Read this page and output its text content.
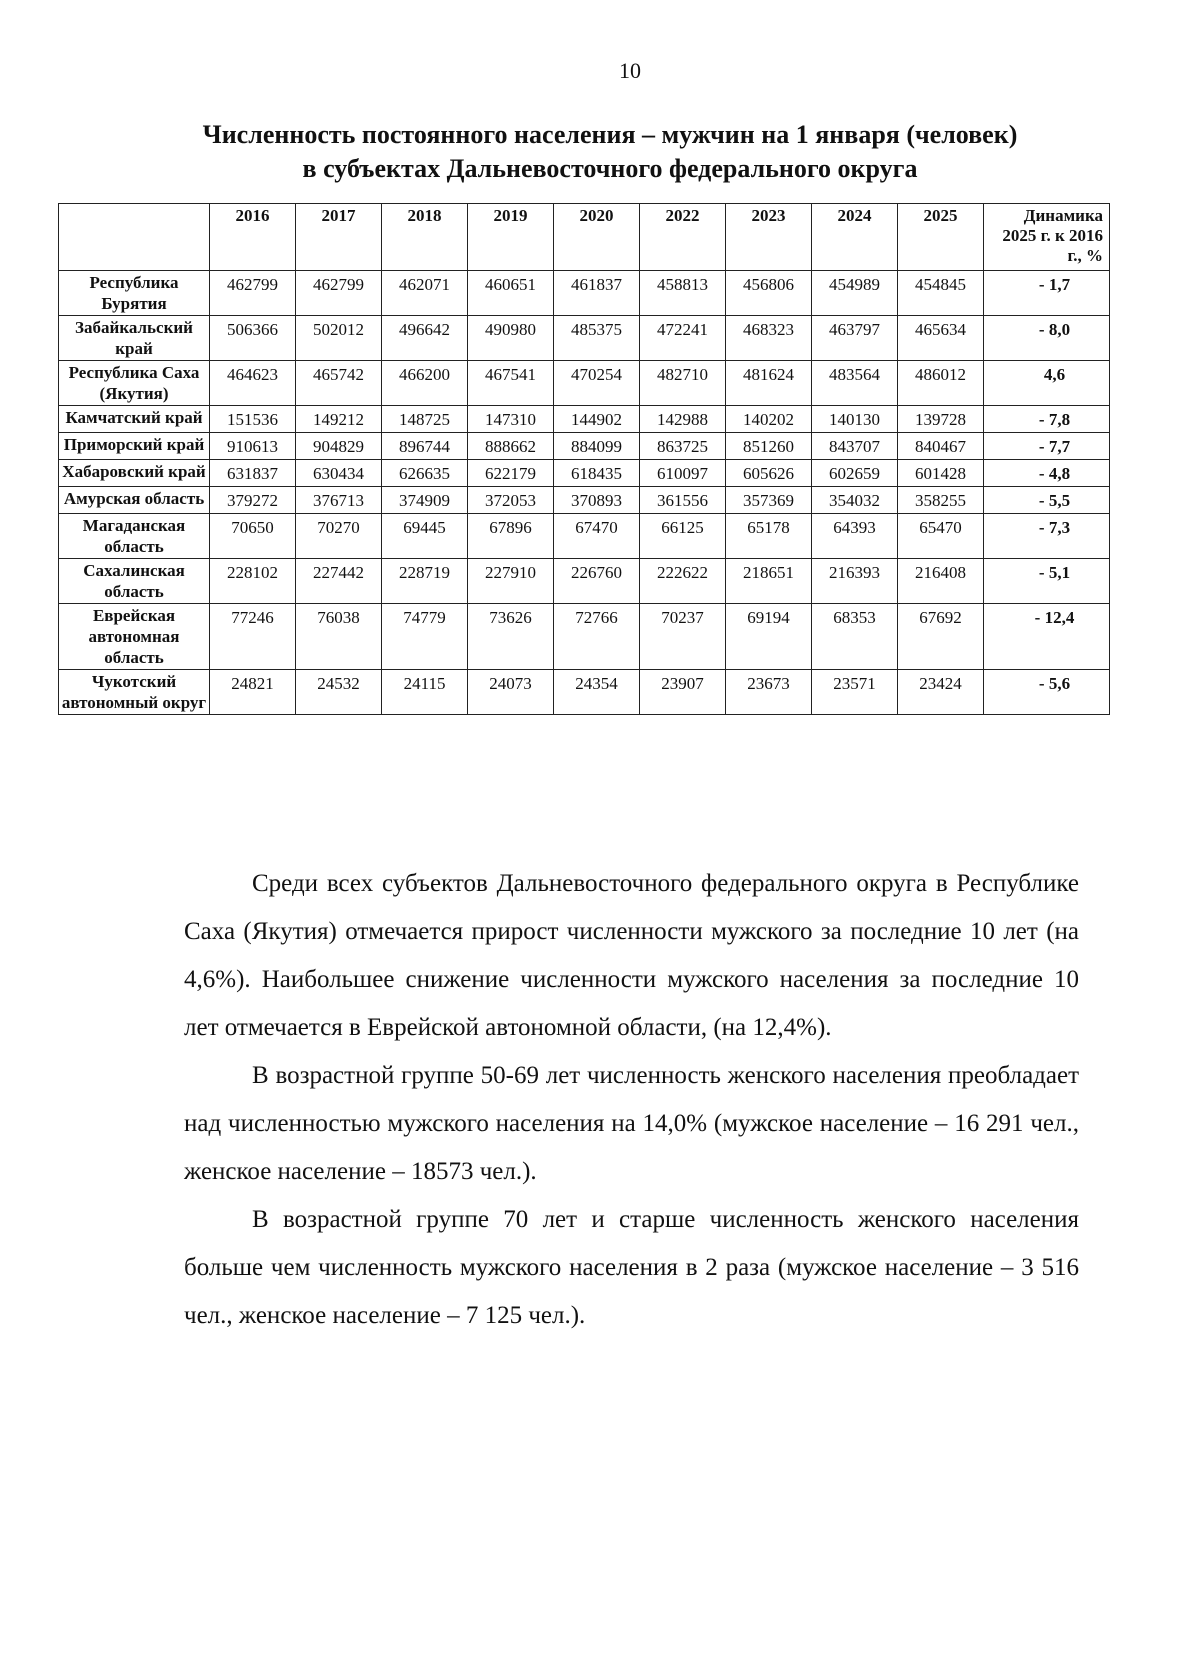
10
Численность постоянного населения – мужчин на 1 января (человек)
в субъектах Дальневосточного федерального округа
	2016	2017	2018	2019	2020	2022	2023	2024	2025	Динамика 2025 г. к 2016 г., %
Республика Бурятия	462799	462799	462071	460651	461837	458813	456806	454989	454845	- 1,7
Забайкальский край	506366	502012	496642	490980	485375	472241	468323	463797	465634	- 8,0
Республика Саха (Якутия)	464623	465742	466200	467541	470254	482710	481624	483564	486012	4,6
Камчатский край	151536	149212	148725	147310	144902	142988	140202	140130	139728	- 7,8
Приморский край	910613	904829	896744	888662	884099	863725	851260	843707	840467	- 7,7
Хабаровский край	631837	630434	626635	622179	618435	610097	605626	602659	601428	- 4,8
Амурская область	379272	376713	374909	372053	370893	361556	357369	354032	358255	- 5,5
Магаданская область	70650	70270	69445	67896	67470	66125	65178	64393	65470	- 7,3
Сахалинская область	228102	227442	228719	227910	226760	222622	218651	216393	216408	- 5,1
Еврейская автономная область	77246	76038	74779	73626	72766	70237	69194	68353	67692	- 12,4
Чукотский автономный округ	24821	24532	24115	24073	24354	23907	23673	23571	23424	- 5,6

Среди всех субъектов Дальневосточного федерального округа в Республике Саха (Якутия) отмечается прирост численности мужского за последние 10 лет (на 4,6%). Наибольшее снижение численности мужского населения за последние 10 лет отмечается в Еврейской автономной области, (на 12,4%).

В возрастной группе 50-69 лет численность женского населения преобладает над численностью мужского населения на 14,0% (мужское население – 16 291 чел., женское население – 18573 чел.).

В возрастной группе 70 лет и старше численность женского населения больше чем численность мужского населения в 2 раза (мужское население – 3 516 чел., женское население – 7 125 чел.).
